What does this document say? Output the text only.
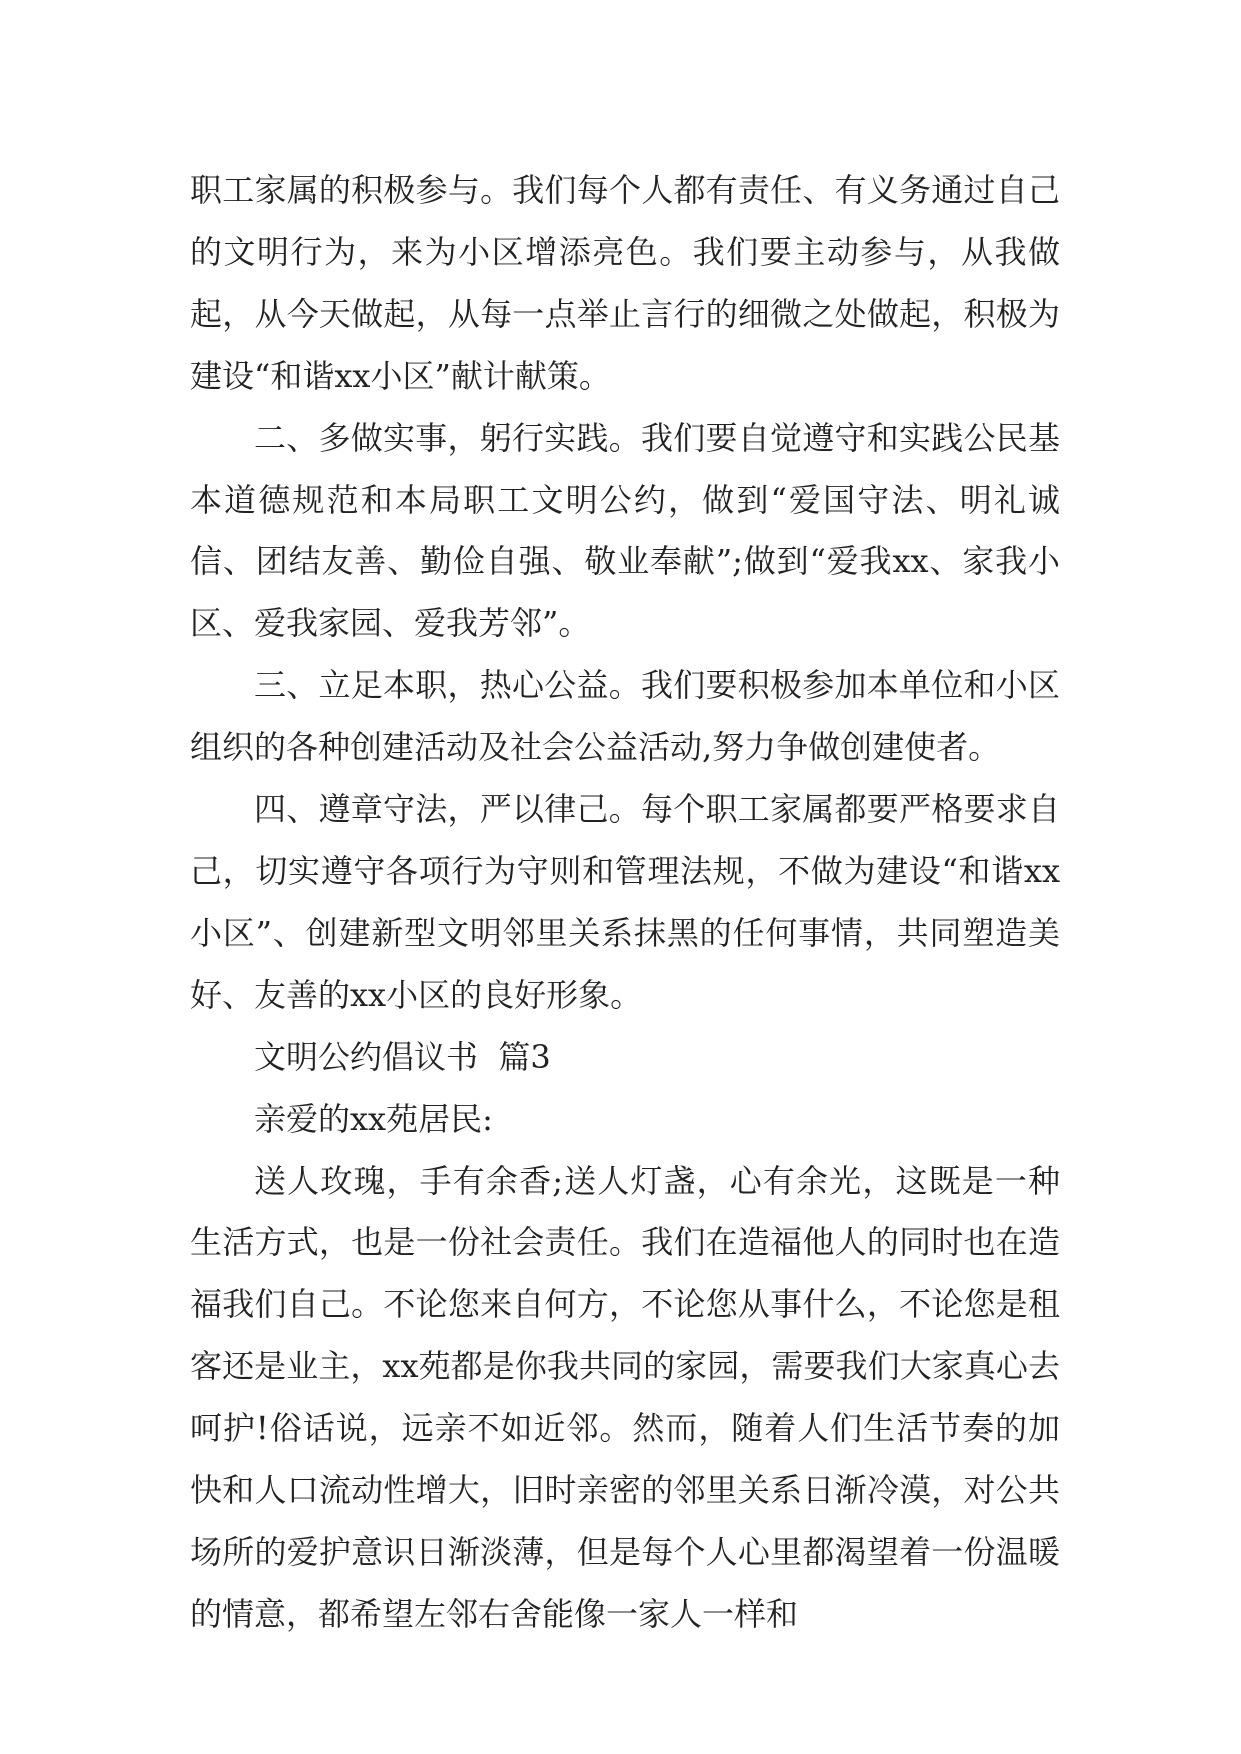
职工家属的积极参与。我们每个人都有责任、有义务通过自己的文明行为，来为小区增添亮色。我们要主动参与，从我做起，从今天做起，从每一点举止言行的细微之处做起，积极为建设“和谐xx小区”献计献策。

二、多做实事，躬行实践。我们要自觉遵守和实践公民基本道德规范和本局职工文明公约，做到“爱国守法、明礼诚信、团结友善、勤俭自强、敬业奉献”;做到“爱我xx、家我小区、爱我家园、爱我芳邻”。

三、立足本职，热心公益。我们要积极参加本单位和小区组织的各种创建活动及社会公益活动,努力争做创建使者。

四、遵章守法，严以律己。每个职工家属都要严格要求自己，切实遵守各项行为守则和管理法规，不做为建设“和谐xx小区”、创建新型文明邻里关系抹黑的任何事情，共同塑造美好、友善的xx小区的良好形象。

文明公约倡议书  篇3

亲爱的xx苑居民:

送人玫瑰，手有余香;送人灯盏，心有余光，这既是一种生活方式，也是一份社会责任。我们在造福他人的同时也在造福我们自己。不论您来自何方，不论您从事什么，不论您是租客还是业主，xx苑都是你我共同的家园，需要我们大家真心去呵护!俗话说，远亲不如近邻。然而，随着人们生活节奏的加快和人口流动性增大，旧时亲密的邻里关系日渐冷漠，对公共场所的爱护意识日渐淡薄，但是每个人心里都渴望着一份温暖的情意，都希望左邻右舍能像一家人一样和
